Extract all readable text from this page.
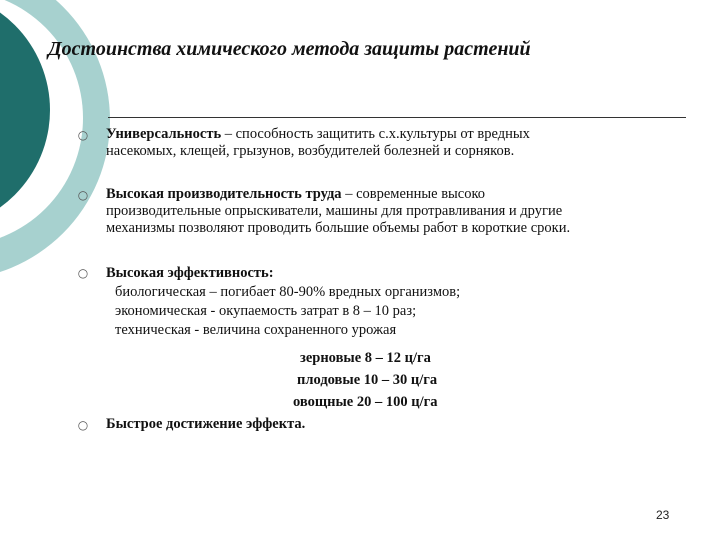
Достоинства химического метода защиты растений
○ Универсальность – способность защитить с.х.культуры от вредных
насекомых, клещей, грызунов, возбудителей болезней и сорняков.
○ Высокая производительность труда – современные высоко
производительные опрыскиватели, машины для протравливания и другие
механизмы позволяют проводить большие объемы работ в короткие сроки.
○ Высокая эффективность:
биологическая – погибает 80-90% вредных организмов;
экономическая - окупаемость затрат в 8 – 10 раз;
техническая - величина сохраненного урожая
зерновые 8 – 12 ц/га
плодовые 10 – 30 ц/га
овощные 20 – 100 ц/га
○ Быстрое достижение эффекта.
23
